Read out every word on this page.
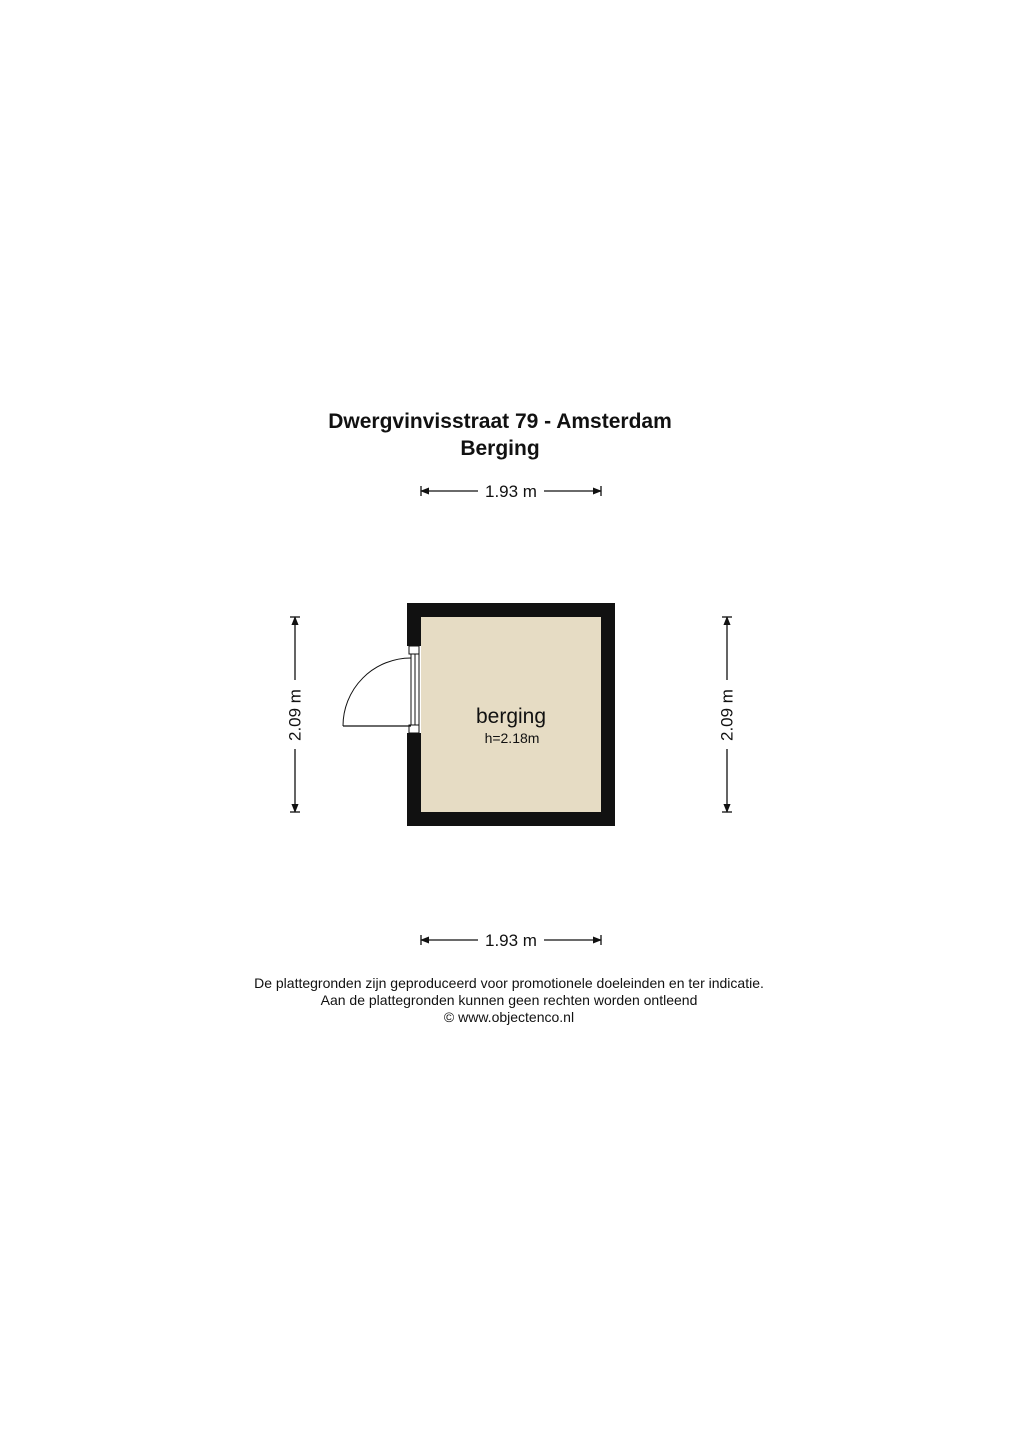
Dwergvinvisstraat 79 - Amsterdam
Berging
1.93 m
1.93 m
2.09 m	2.09 m
berging
h=2.18m
De plattegronden zijn geproduceerd voor promotionele doeleinden en ter indicatie.
Aan de plattegronden kunnen geen rechten worden ontleend
© www.objectenco.nl
